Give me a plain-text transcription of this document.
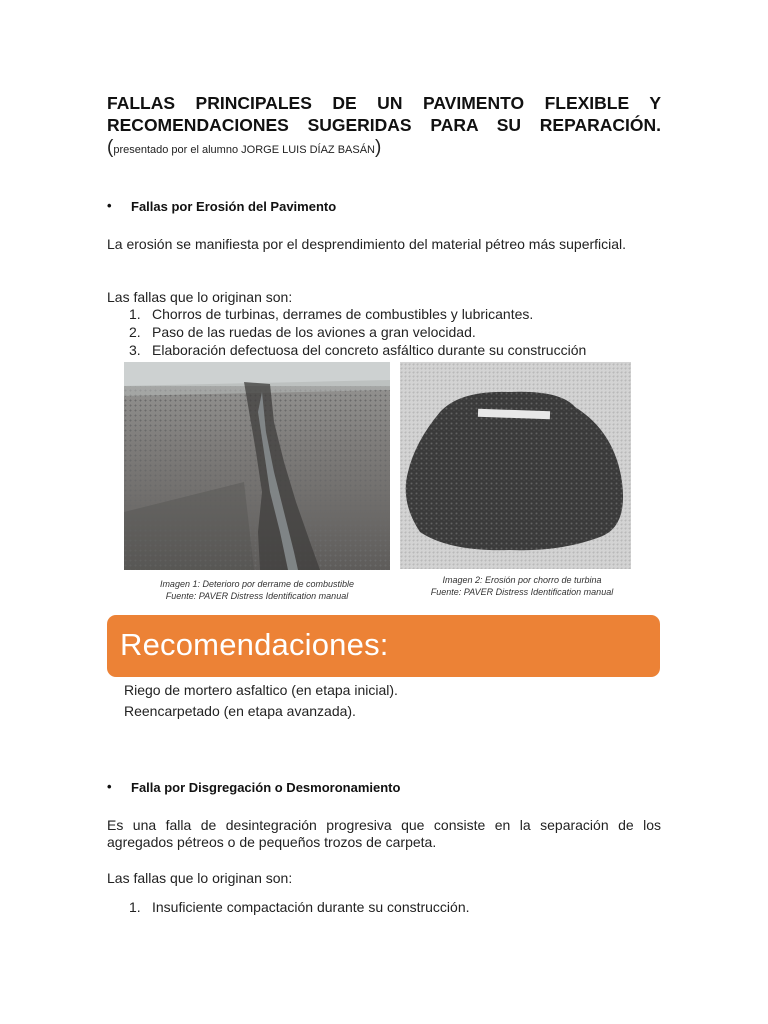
FALLAS PRINCIPALES DE UN PAVIMENTO FLEXIBLE Y
RECOMENDACIONES SUGERIDAS PARA SU REPARACIÓN.
(presentado por el alumno JORGE LUIS DÍAZ BASÁN)
• Fallas por Erosión del Pavimento
La erosión se manifiesta por el desprendimiento del material pétreo más superficial.
Las fallas que lo originan son:
1. Chorros de turbinas, derrames de combustibles y lubricantes.
2. Paso de las ruedas de los aviones a gran velocidad.
3. Elaboración defectuosa del concreto asfáltico durante su construcción
Imagen 1: Deterioro por derrame de combustible
Fuente: PAVER Distress Identification manual
Imagen 2: Erosión por chorro de turbina
Fuente: PAVER Distress Identification manual
Recomendaciones:
Riego de mortero asfaltico (en etapa inicial).
Reencarpetado (en etapa avanzada).
• Falla por Disgregación o Desmoronamiento
Es una falla de desintegración progresiva que consiste en la separación de los agregados pétreos o de pequeños trozos de carpeta.
Las fallas que lo originan son:
1. Insuficiente compactación durante su construcción.
